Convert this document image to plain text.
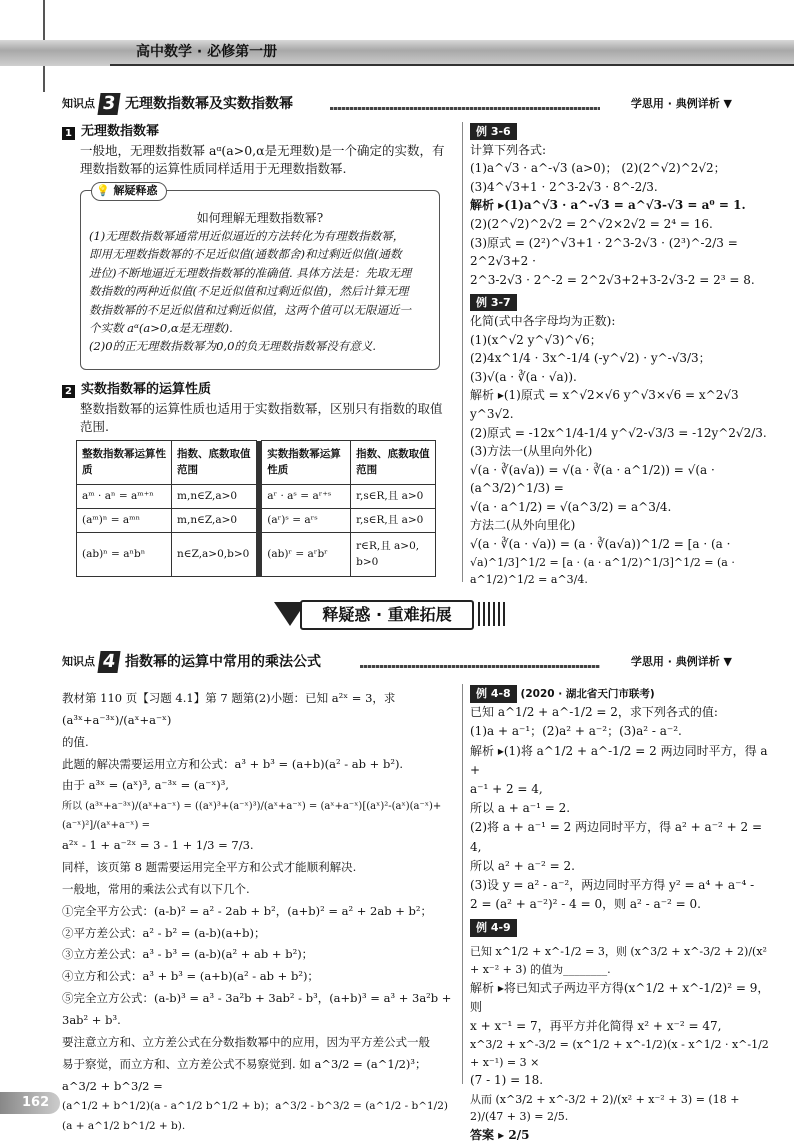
高中数学 · 必修第一册
知识点 3 无理数指数幂及实数指数幂	学思用 · 典例详析 ▼
1 无理数指数幂

一般地，无理数指数幂 aᵅ(a>0,α是无理数)是一个确定的实数，有

理数指数幂的运算性质同样适用于无理数指数幂.

💡 解疑释惑
如何理解无理数指数幂?

(1)无理数指数幂通常用近似逼近的方法转化为有理数指数幂，

即用无理数指数幂的不足近似值(通数都舍)和过剩近似值(通数

进位)不断地逼近无理数指数幂的准确值. 具体方法是：先取无理

数指数的两种近似值(不足近似值和过剩近似值)，然后计算无理

数指数幂的不足近似值和过剩近似值，这两个值可以无限逼近一

个实数 aᵅ(a>0,α是无理数).

(2)0的正无理数指数幂为0,0的负无理数指数幂没有意义.

2 实数指数幂的运算性质

整数指数幂的运算性质也适用于实数指数幂，区别只有指数的取值

范围.

整数指数幂运算性质	指数、底数取值范围		实数指数幂运算性质	指数、底数取值范围
aᵐ · aⁿ = aᵐ⁺ⁿ	m,n∈Z,a>0		aʳ · aˢ = aʳ⁺ˢ	r,s∈R,且 a>0
(aᵐ)ⁿ = aᵐⁿ	m,n∈Z,a>0		(aʳ)ˢ = aʳˢ	r,s∈R,且 a>0
(ab)ⁿ = aⁿbⁿ	n∈Z,a>0,b>0		(ab)ʳ = aʳbʳ	r∈R,且 a>0, b>0
例 3-6

计算下列各式:

(1)a^√3 · a^-√3 (a>0)； (2)(2^√2)^2√2；

(3)4^√3+1 · 2^3-2√3 · 8^-2/3.

解析 ▸(1)a^√3 · a^-√3 = a^√3-√3 = a⁰ = 1.

(2)(2^√2)^2√2 = 2^√2×2√2 = 2⁴ = 16.

(3)原式 = (2²)^√3+1 · 2^3-2√3 · (2³)^-2/3 = 2^2√3+2 ·

2^3-2√3 · 2^-2 = 2^2√3+2+3-2√3-2 = 2³ = 8.

例 3-7

化简(式中各字母均为正数):

(1)(x^√2 y^√3)^√6；

(2)4x^1/4 · 3x^-1/4 (-y^√2) · y^-√3/3；

(3)√(a · ∛(a · √a)).

解析 ▸(1)原式 = x^√2×√6 y^√3×√6 = x^2√3 y^3√2.

(2)原式 = -12x^1/4-1/4 y^√2-√3/3 = -12y^2√2/3.

(3)方法一(从里向外化)

√(a · ∛(a√a)) = √(a · ∛(a · a^1/2)) = √(a · (a^3/2)^1/3) =

√(a · a^1/2) = √(a^3/2) = a^3/4.

方法二(从外向里化)

√(a · ∛(a · √a)) = (a · ∛(a√a))^1/2 = [a · (a ·

√a)^1/3]^1/2 = [a · (a · a^1/2)^1/3]^1/2 = (a · a^1/2)^1/2 = a^3/4.

释疑惑 · 重难拓展
知识点 4 指数幂的运算中常用的乘法公式	学思用 · 典例详析 ▼

教材第 110 页【习题 4.1】第 7 题第(2)小题：已知 a²ˣ = 3，求 (a³ˣ+a⁻³ˣ)/(aˣ+a⁻ˣ)

的值.

此题的解决需要运用立方和公式：a³ + b³ = (a+b)(a² - ab + b²).

由于 a³ˣ = (aˣ)³, a⁻³ˣ = (a⁻ˣ)³,

所以 (a³ˣ+a⁻³ˣ)/(aˣ+a⁻ˣ) = ((aˣ)³+(a⁻ˣ)³)/(aˣ+a⁻ˣ) = (aˣ+a⁻ˣ)[(aˣ)²-(aˣ)(a⁻ˣ)+(a⁻ˣ)²]/(aˣ+a⁻ˣ) =

a²ˣ - 1 + a⁻²ˣ = 3 - 1 + 1/3 = 7/3.

同样，该页第 8 题需要运用完全平方和公式才能顺利解决.

一般地，常用的乘法公式有以下几个.

①完全平方公式：(a-b)² = a² - 2ab + b²，(a+b)² = a² + 2ab + b²；

②平方差公式：a² - b² = (a-b)(a+b)；

③立方差公式：a³ - b³ = (a-b)(a² + ab + b²)；

④立方和公式：a³ + b³ = (a+b)(a² - ab + b²)；

⑤完全立方公式：(a-b)³ = a³ - 3a²b + 3ab² - b³，(a+b)³ = a³ + 3a²b +

3ab² + b³.

要注意立方和、立方差公式在分数指数幂中的应用，因为平方差公式一般

易于察觉，而立方和、立方差公式不易察觉到. 如 a^3/2 = (a^1/2)³；a^3/2 + b^3/2 =

(a^1/2 + b^1/2)(a - a^1/2 b^1/2 + b)；a^3/2 - b^3/2 = (a^1/2 - b^1/2)(a + a^1/2 b^1/2 + b).

例 4-8 (2020 · 湖北省天门市联考)

已知 a^1/2 + a^-1/2 = 2，求下列各式的值:

(1)a + a⁻¹；(2)a² + a⁻²；(3)a² - a⁻².

解析 ▸(1)将 a^1/2 + a^-1/2 = 2 两边同时平方，得 a +

a⁻¹ + 2 = 4,

所以 a + a⁻¹ = 2.

(2)将 a + a⁻¹ = 2 两边同时平方，得 a² + a⁻² + 2 = 4,

所以 a² + a⁻² = 2.

(3)设 y = a² - a⁻²，两边同时平方得 y² = a⁴ + a⁻⁴ -

2 = (a² + a⁻²)² - 4 = 0，则 a² - a⁻² = 0.

例 4-9

已知 x^1/2 + x^-1/2 = 3，则 (x^3/2 + x^-3/2 + 2)/(x² + x⁻² + 3) 的值为________.

解析 ▸将已知式子两边平方得(x^1/2 + x^-1/2)² = 9，则

x + x⁻¹ = 7，再平方并化简得 x² + x⁻² = 47,

x^3/2 + x^-3/2 = (x^1/2 + x^-1/2)(x - x^1/2 · x^-1/2 + x⁻¹) = 3 ×

(7 - 1) = 18.

从而 (x^3/2 + x^-3/2 + 2)/(x² + x⁻² + 3) = (18 + 2)/(47 + 3) = 2/5.

答案 ▸ 2/5

162
